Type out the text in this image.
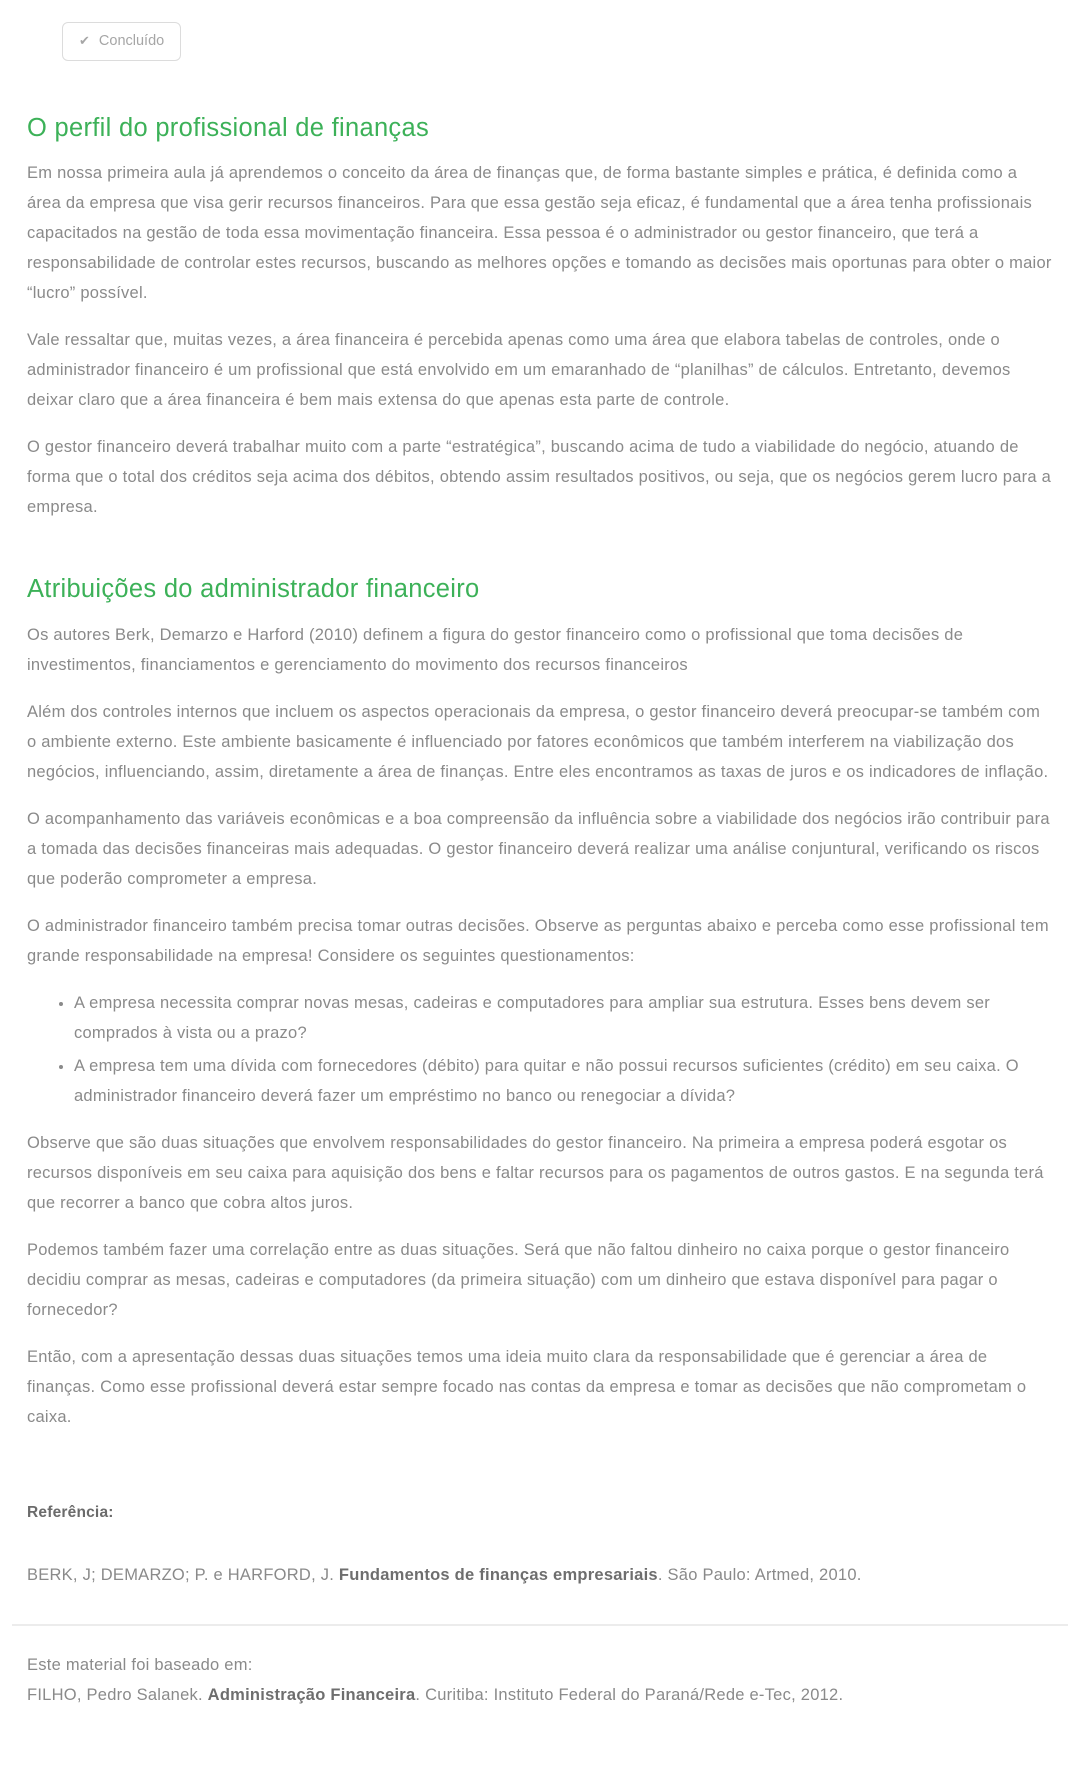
✔
Concluído
O perfil do profissional de finanças

Em nossa primeira aula já aprendemos o conceito da área de finanças que, de forma bastante simples e prática, é definida como a área da empresa que visa gerir recursos financeiros. Para que essa gestão seja eficaz, é fundamental que a área tenha profissionais capacitados na gestão de toda essa movimentação financeira. Essa pessoa é o administrador ou gestor financeiro, que terá a responsabilidade de controlar estes recursos, buscando as melhores opções e tomando as decisões mais oportunas para obter o maior “lucro” possível.

Vale ressaltar que, muitas vezes, a área financeira é percebida apenas como uma área que elabora tabelas de controles, onde o administrador financeiro é um profissional que está envolvido em um emaranhado de “planilhas” de cálculos. Entretanto, devemos deixar claro que a área financeira é bem mais extensa do que apenas esta parte de controle.

O gestor financeiro deverá trabalhar muito com a parte “estratégica”, buscando acima de tudo a viabilidade do negócio, atuando de forma que o total dos créditos seja acima dos débitos, obtendo assim resultados positivos, ou seja, que os negócios gerem lucro para a empresa.

Atribuições do administrador financeiro

Os autores Berk, Demarzo e Harford (2010) definem a figura do gestor financeiro como o profissional que toma decisões de investimentos, financiamentos e gerenciamento do movimento dos recursos financeiros

Além dos controles internos que incluem os aspectos operacionais da empresa, o gestor financeiro deverá preocupar-se também com o ambiente externo. Este ambiente basicamente é influenciado por fatores econômicos que também interferem na viabilização dos negócios, influenciando, assim, diretamente a área de finanças. Entre eles encontramos as taxas de juros e os indicadores de inflação.

O acompanhamento das variáveis econômicas e a boa compreensão da influência sobre a viabilidade dos negócios irão contribuir para a tomada das decisões financeiras mais adequadas. O gestor financeiro deverá realizar uma análise conjuntural, verificando os riscos que poderão comprometer a empresa.

O administrador financeiro também precisa tomar outras decisões. Observe as perguntas abaixo e perceba como esse profissional tem grande responsabilidade na empresa! Considere os seguintes questionamentos:

• A empresa necessita comprar novas mesas, cadeiras e computadores para ampliar sua estrutura. Esses bens devem ser comprados à vista ou a prazo?
• A empresa tem uma dívida com fornecedores (débito) para quitar e não possui recursos suficientes (crédito) em seu caixa. O administrador financeiro deverá fazer um empréstimo no banco ou renegociar a dívida?

Observe que são duas situações que envolvem responsabilidades do gestor financeiro. Na primeira a empresa poderá esgotar os recursos disponíveis em seu caixa para aquisição dos bens e faltar recursos para os pagamentos de outros gastos. E na segunda terá que recorrer a banco que cobra altos juros.

Podemos também fazer uma correlação entre as duas situações. Será que não faltou dinheiro no caixa porque o gestor financeiro decidiu comprar as mesas, cadeiras e computadores (da primeira situação) com um dinheiro que estava disponível para pagar o fornecedor?

Então, com a apresentação dessas duas situações temos uma ideia muito clara da responsabilidade que é gerenciar a área de finanças. Como esse profissional deverá estar sempre focado nas contas da empresa e tomar as decisões que não comprometam o caixa.

Referência:

BERK, J; DEMARZO; P. e HARFORD, J. Fundamentos de finanças empresariais. São Paulo: Artmed, 2010.

Este material foi baseado em:

FILHO, Pedro Salanek. Administração Financeira. Curitiba: Instituto Federal do Paraná/Rede e-Tec, 2012.
